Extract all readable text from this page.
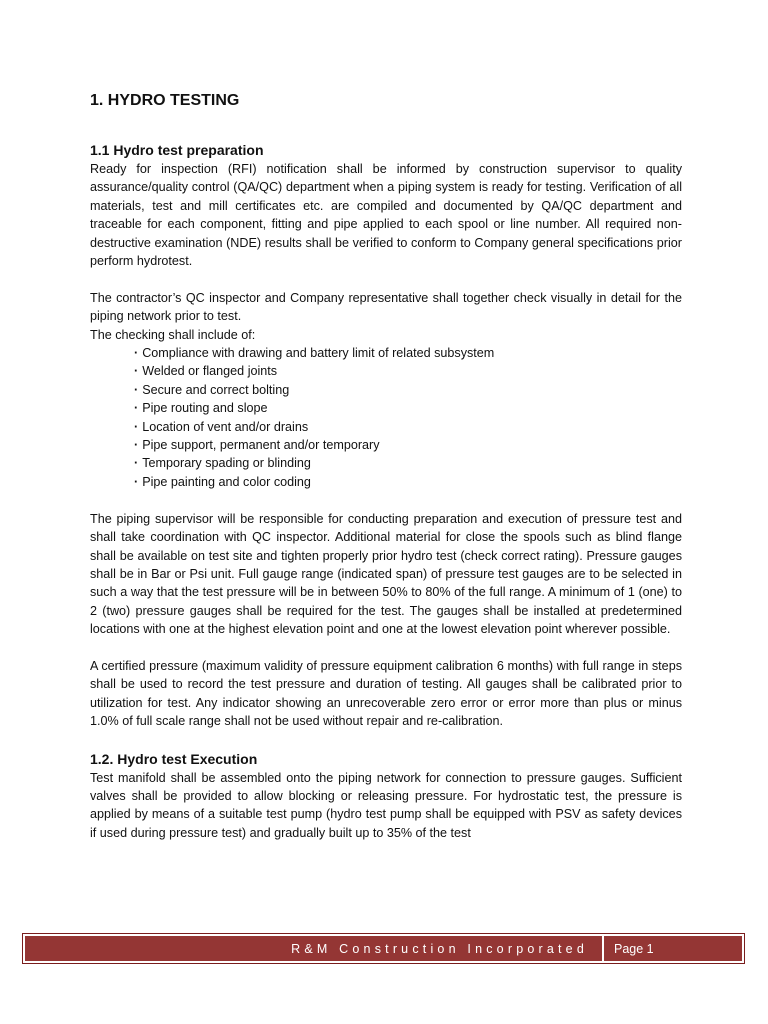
1. HYDRO TESTING
1.1 Hydro test preparation

Ready for inspection (RFI) notification shall be informed by construction supervisor to quality assurance/quality control (QA/QC) department when a piping system is ready for testing. Verification of all materials, test and mill certificates etc. are compiled and documented by QA/QC department and traceable for each component, fitting and pipe applied to each spool or line number. All required non-destructive examination (NDE) results shall be verified to conform to Company general specifications prior perform hydrotest.

The contractor’s QC inspector and Company representative shall together check visually in detail for the piping network prior to test.

The checking shall include of:

· Compliance with drawing and battery limit of related subsystem
· Welded or flanged joints
· Secure and correct bolting
· Pipe routing and slope
· Location of vent and/or drains
· Pipe support, permanent and/or temporary
· Temporary spading or blinding
· Pipe painting and color coding

The piping supervisor will be responsible for conducting preparation and execution of pressure test and shall take coordination with QC inspector. Additional material for close the spools such as blind flange shall be available on test site and tighten properly prior hydro test (check correct rating). Pressure gauges shall be in Bar or Psi unit. Full gauge range (indicated span) of pressure test gauges are to be selected in such a way that the test pressure will be in between 50% to 80% of the full range. A minimum of 1 (one) to 2 (two) pressure gauges shall be required for the test. The gauges shall be installed at predetermined locations with one at the highest elevation point and one at the lowest elevation point wherever possible.

A certified pressure (maximum validity of pressure equipment calibration 6 months) with full range in steps shall be used to record the test pressure and duration of testing. All gauges shall be calibrated prior to utilization for test. Any indicator showing an unrecoverable zero error or error more than plus or minus 1.0% of full scale range shall not be used without repair and re-calibration.

1.2. Hydro test Execution

Test manifold shall be assembled onto the piping network for connection to pressure gauges. Sufficient valves shall be provided to allow blocking or releasing pressure. For hydrostatic test, the pressure is applied by means of a suitable test pump (hydro test pump shall be equipped with PSV as safety devices if used during pressure test) and gradually built up to 35% of the test

R&M Construction Incorporated	Page 1
